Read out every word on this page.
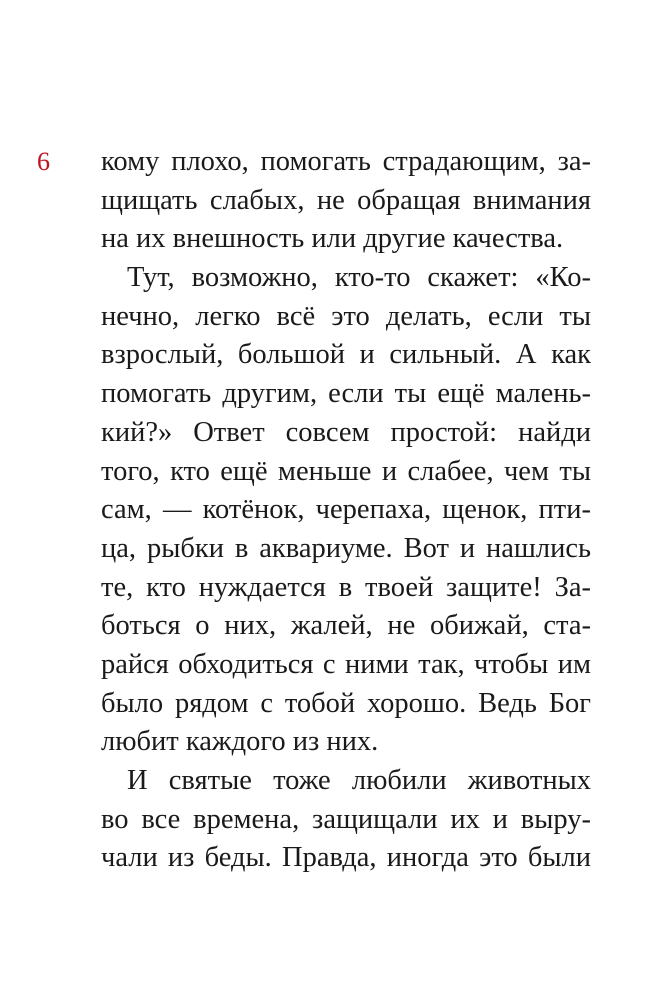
6 кому плохо, помогать страдающим, за-
щищать слабых, не обращая внимания
на их внешность или другие качества.
Тут, возможно, кто-то скажет: «Ко-
нечно, легко всё это делать, если ты
взрослый, большой и сильный. А как
помогать другим, если ты ещё малень-
кий?» Ответ совсем простой: найди
того, кто ещё меньше и слабее, чем ты
сам, — котёнок, черепаха, щенок, пти-
ца, рыбки в аквариуме. Вот и нашлись
те, кто нуждается в твоей защите! За-
боться о них, жалей, не обижай, ста-
райся обходиться с ними так, чтобы им
было рядом с тобой хорошо. Ведь Бог
любит каждого из них.
И святые тоже любили животных
во все времена, защищали их и выру-
чали из беды. Правда, иногда это были
